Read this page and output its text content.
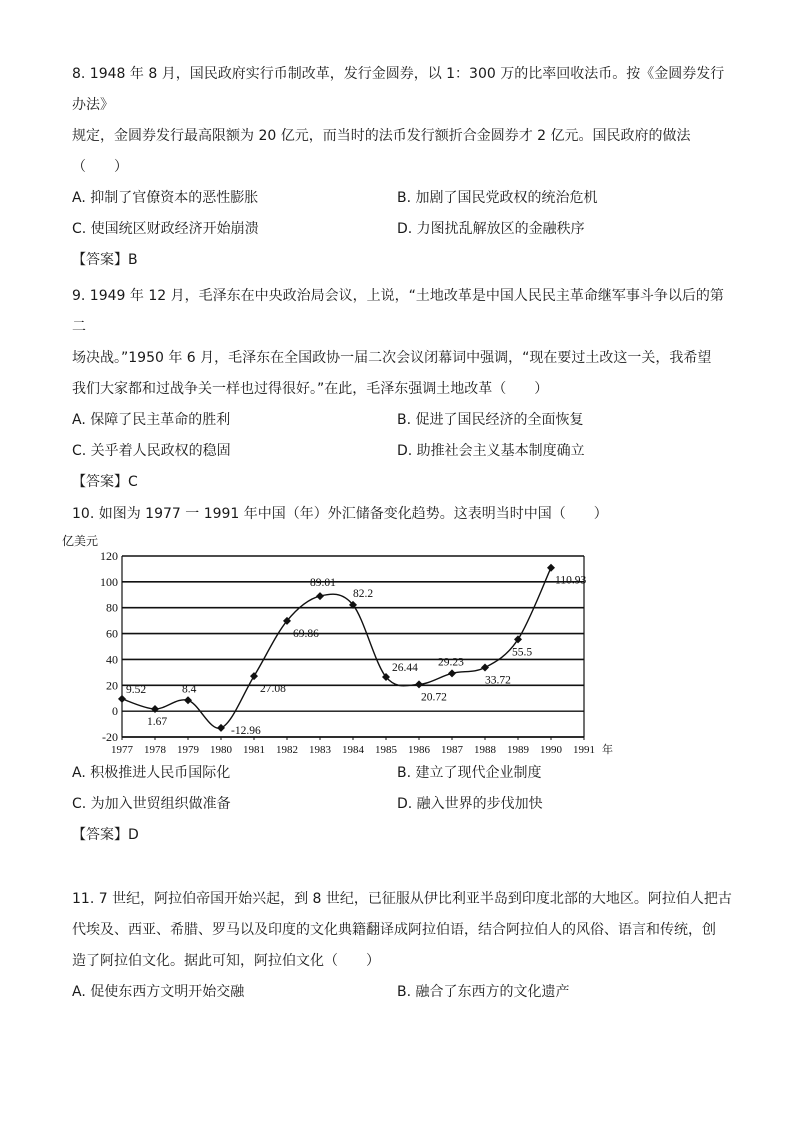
8. 1948 年 8 月，国民政府实行币制改革，发行金圆券，以 1：300 万的比率回收法币。按《金圆券发行办法》

规定，金圆券发行最高限额为 20 亿元，而当时的法币发行额折合金圆券才 2 亿元。国民政府的做法

（　　）

A. 抑制了官僚资本的恶性膨胀	B. 加剧了国民党政权的统治危机
C. 使国统区财政经济开始崩溃	D. 力图扰乱解放区的金融秩序
【答案】B

9. 1949 年 12 月，毛泽东在中央政治局会议，上说，“土地改革是中国人民民主革命继军事斗争以后的第二

场决战。”1950 年 6 月，毛泽东在全国政协一届二次会议闭幕词中强调，“现在要过土改这一关，我希望

我们大家都和过战争关一样也过得很好。”在此，毛泽东强调土地改革（　　）

A. 保障了民主革命的胜利	B. 促进了国民经济的全面恢复
C. 关乎着人民政权的稳固	D. 助推社会主义基本制度确立
【答案】C

10. 如图为 1977 一 1991 年中国（年）外汇储备变化趋势。这表明当时中国（　　）

120
100
80
60
40
20
0
-20
1977 1978 1979 1980 1981 1982 1983 1984 1985 1986 1987 1988 1989 1990 1991 年
9.52
1.67
8.4
-12.96
27.08
69.86
89.01
82.2
26.44
20.72
29.23
33.72
55.5
110.93
亿美元
A. 积极推进人民币国际化	B. 建立了现代企业制度
C. 为加入世贸组织做准备	D. 融入世界的步伐加快
【答案】D

11. 7 世纪，阿拉伯帝国开始兴起，到 8 世纪，已征服从伊比利亚半岛到印度北部的大地区。阿拉伯人把古

代埃及、西亚、希腊、罗马以及印度的文化典籍翻译成阿拉伯语，结合阿拉伯人的风俗、语言和传统，创

造了阿拉伯文化。据此可知，阿拉伯文化（　　）

A. 促使东西方文明开始交融	B. 融合了东西方的文化遗产
